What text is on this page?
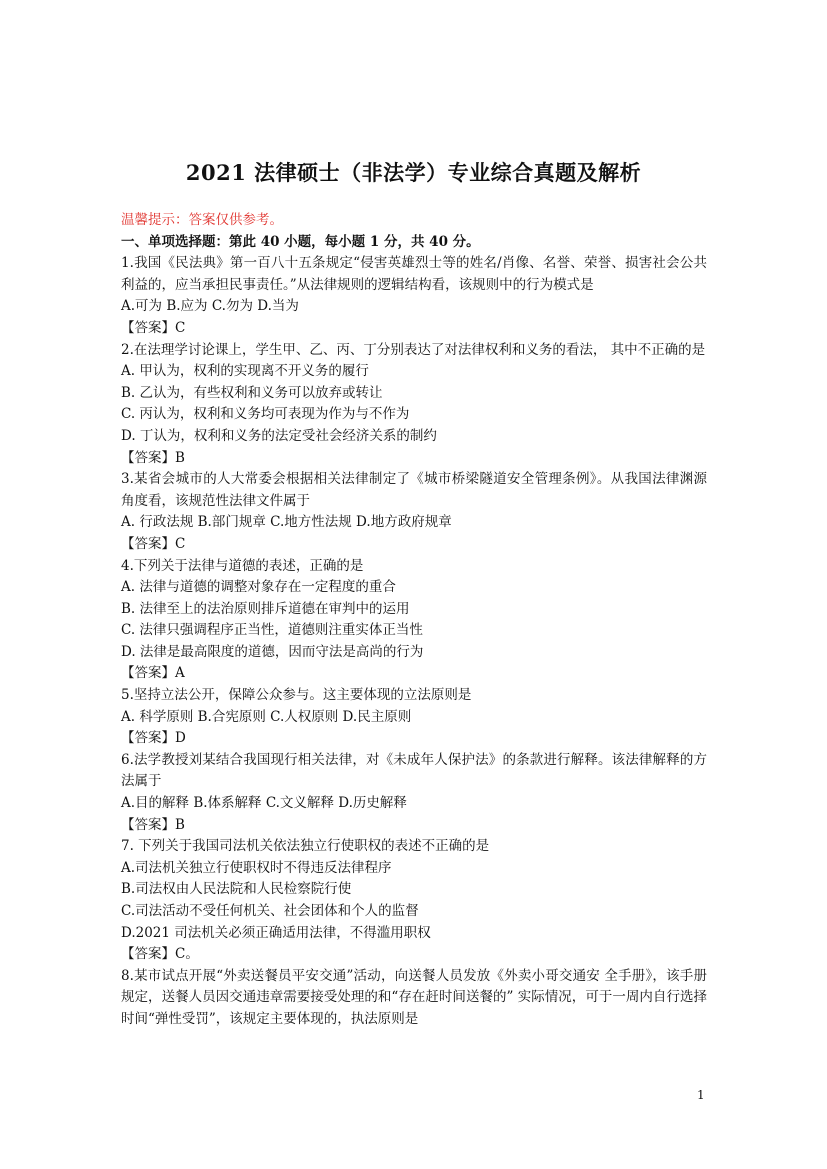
2021 法律硕士（非法学）专业综合真题及解析

温馨提示：答案仅供参考。

一、单项选择题：第此 40 小题，每小题 1 分，共 40 分。

1.我国《民法典》第一百八十五条规定“侵害英雄烈士等的姓名/肖像、名誉、荣誉、损害社会公共利益的，应当承担民事责任。”从法律规则的逻辑结构看，该规则中的行为模式是

A.可为 B.应为 C.勿为 D.当为

【答案】C

2.在法理学讨论课上，学生甲、乙、丙、丁分别表达了对法律权利和义务的看法， 其中不正确的是

A. 甲认为，权利的实现离不开义务的履行

B. 乙认为，有些权利和义务可以放弃或转让

C. 丙认为，权利和义务均可表现为作为与不作为

D. 丁认为，权利和义务的法定受社会经济关系的制约

【答案】B

3.某省会城市的人大常委会根据相关法律制定了《城市桥梁隧道安全管理条例》。从我国法律渊源角度看，该规范性法律文件属于

A. 行政法规 B.部门规章 C.地方性法规 D.地方政府规章

【答案】C

4.下列关于法律与道德的表述，正确的是

A. 法律与道德的调整对象存在一定程度的重合

B. 法律至上的法治原则排斥道德在审判中的运用

C. 法律只强调程序正当性，道德则注重实体正当性

D. 法律是最高限度的道德，因而守法是高尚的行为

【答案】A

5.坚持立法公开，保障公众参与。这主要体现的立法原则是

A. 科学原则 B.合宪原则 C.人权原则 D.民主原则

【答案】D

6.法学教授刘某结合我国现行相关法律，对《未成年人保护法》的条款进行解释。该法律解释的方法属于

A.目的解释 B.体系解释 C.文义解释 D.历史解释

【答案】B

7. 下列关于我国司法机关依法独立行使职权的表述不正确的是

A.司法机关独立行使职权时不得违反法律程序

B.司法权由人民法院和人民检察院行使

C.司法活动不受任何机关、社会团体和个人的监督

D.2021 司法机关必须正确适用法律，不得滥用职权

【答案】C。

8.某市试点开展“外卖送餐员平安交通”活动，向送餐人员发放《外卖小哥交通安 全手册》，该手册规定，送餐人员因交通违章需要接受处理的和“存在赶时间送餐的” 实际情况，可于一周内自行选择时间“弹性受罚”，该规定主要体现的，执法原则是

1
